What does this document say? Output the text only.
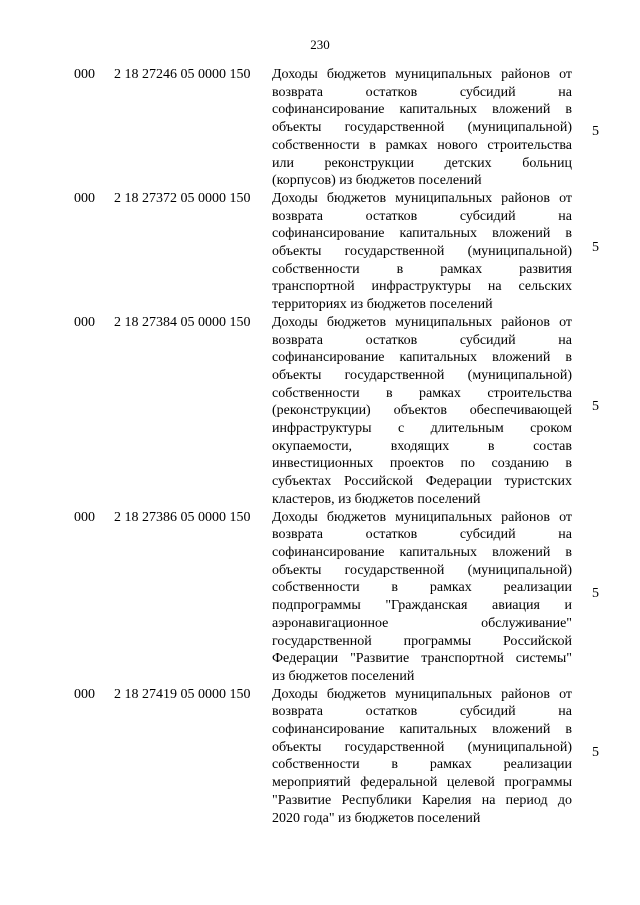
230
000 2 18 27246 05 0000 150 Доходы бюджетов муниципальных районов от
возврата остатков субсидий на
софинансирование капитальных вложений в
объекты государственной (муниципальной)
собственности в рамках нового строительства
или реконструкции детских больниц
(корпусов) из бюджетов поселений
5
000 2 18 27372 05 0000 150 Доходы бюджетов муниципальных районов от
возврата остатков субсидий на
софинансирование капитальных вложений в
объекты государственной (муниципальной)
собственности в рамках развития
транспортной инфраструктуры на сельских
территориях из бюджетов поселений
5
000 2 18 27384 05 0000 150 Доходы бюджетов муниципальных районов от
возврата остатков субсидий на
софинансирование капитальных вложений в
объекты государственной (муниципальной)
собственности в рамках строительства
(реконструкции) объектов обеспечивающей
инфраструктуры с длительным сроком
окупаемости, входящих в состав
инвестиционных проектов по созданию в
субъектах Российской Федерации туристских
кластеров, из бюджетов поселений
5
000 2 18 27386 05 0000 150 Доходы бюджетов муниципальных районов от
возврата остатков субсидий на
софинансирование капитальных вложений в
объекты государственной (муниципальной)
собственности в рамках реализации
подпрограммы "Гражданская авиация и
аэронавигационное обслуживание"
государственной программы Российской
Федерации "Развитие транспортной системы"
из бюджетов поселений
5
000 2 18 27419 05 0000 150 Доходы бюджетов муниципальных районов от
возврата остатков субсидий на
софинансирование капитальных вложений в
объекты государственной (муниципальной)
собственности в рамках реализации
мероприятий федеральной целевой программы
"Развитие Республики Карелия на период до
2020 года" из бюджетов поселений
5
